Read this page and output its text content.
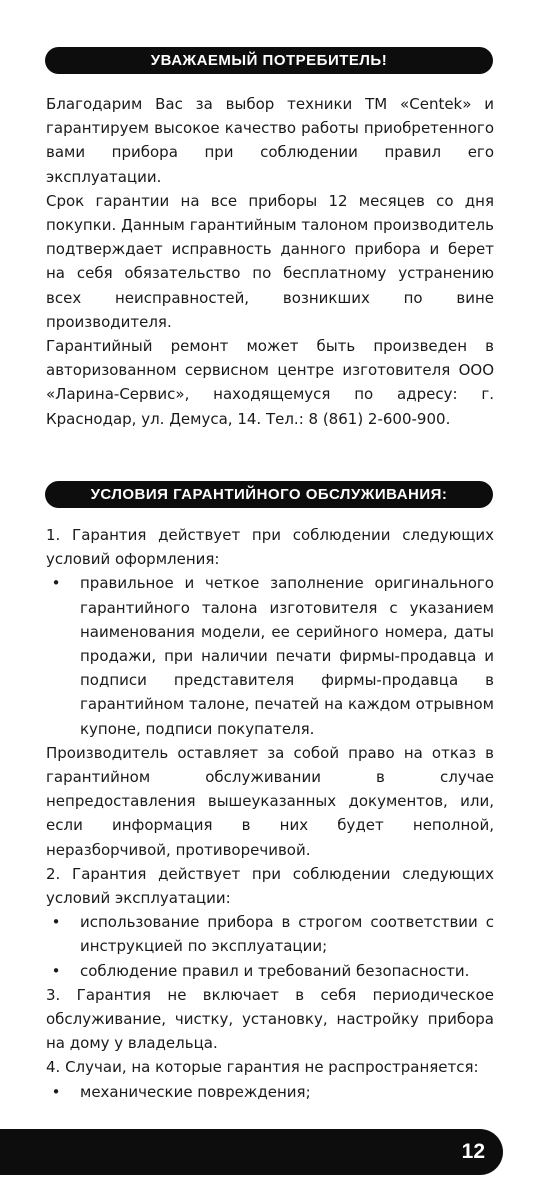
УВАЖАЕМЫЙ ПОТРЕБИТЕЛЬ!

Благодарим Вас за выбор техники ТМ «Centek» и гарантируем высокое качество работы приобретенного вами прибора при соблюдении правил его эксплуатации.

Срок гарантии на все приборы 12 месяцев со дня покупки. Данным гарантийным талоном производитель подтверждает исправность данного прибора и берет на себя обязательство по бесплатному устранению всех неисправностей, возникших по вине производителя.

Гарантийный ремонт может быть произведен в авторизованном сервисном центре изготовителя ООО «Ларина-Сервис», находящемуся по адресу: г. Краснодар, ул. Демуса, 14. Тел.: 8 (861) 2-600-900.

УСЛОВИЯ ГАРАНТИЙНОГО ОБСЛУЖИВАНИЯ:

1. Гарантия действует при соблюдении следующих условий оформления:

•	правильное и четкое заполнение оригинального гарантийного талона изготовителя с указанием наименования модели, ее серийного номера, даты продажи, при наличии печати фирмы-продавца и подписи представителя фирмы-продавца в гарантийном талоне, печатей на каждом отрывном купоне, подписи покупателя.

Производитель оставляет за собой право на отказ в гарантийном обслуживании в случае непредоставления вышеуказанных документов, или, если информация в них будет неполной, неразборчивой, противоречивой.

2. Гарантия действует при соблюдении следующих условий эксплуатации:

•	использование прибора в строгом соответствии с инструкцией по эксплуатации;
•	соблюдение правил и требований безопасности.

3. Гарантия не включает в себя периодическое обслуживание, чистку, установку, настройку прибора на дому у владельца.

4. Случаи, на которые гарантия не распространяется:

•	механические повреждения;
12
